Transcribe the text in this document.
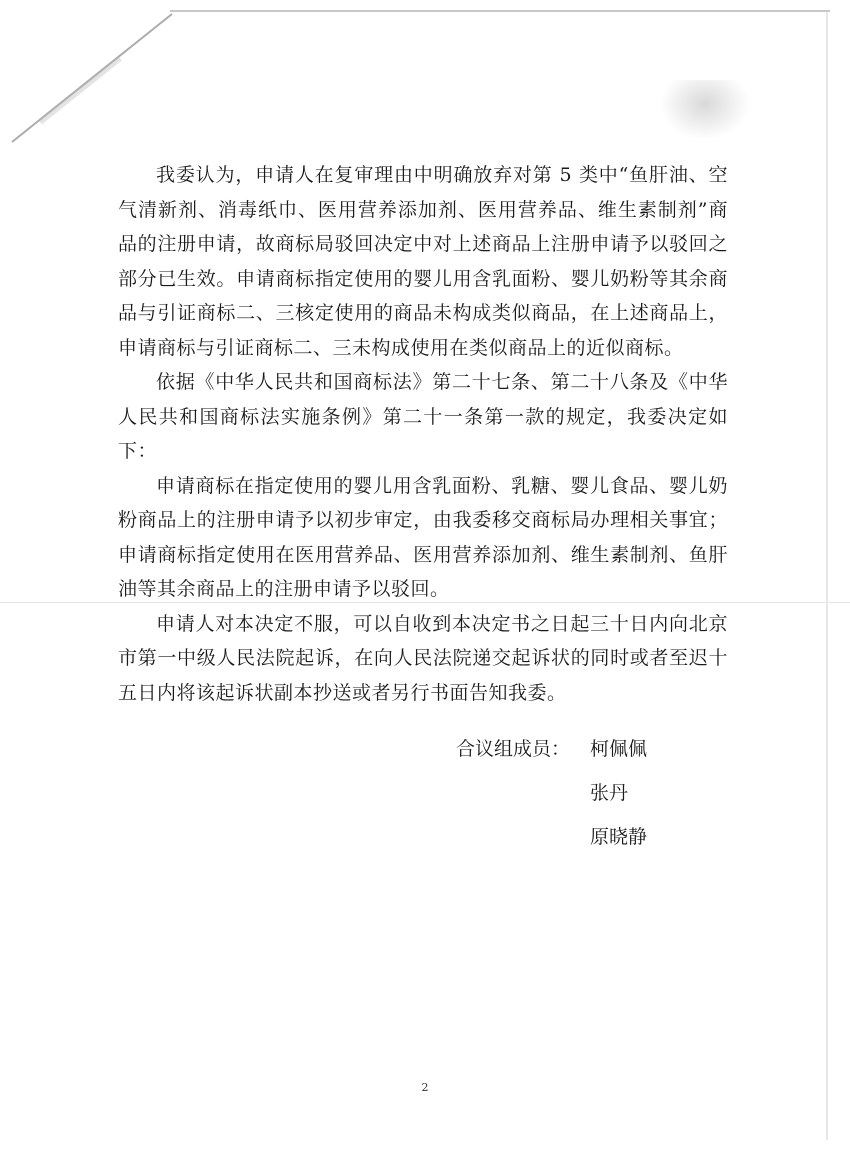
我委认为，申请人在复审理由中明确放弃对第 5 类中“鱼肝油、空气清新剂、消毒纸巾、医用营养添加剂、医用营养品、维生素制剂”商品的注册申请，故商标局驳回决定中对上述商品上注册申请予以驳回之部分已生效。申请商标指定使用的婴儿用含乳面粉、婴儿奶粉等其余商品与引证商标二、三核定使用的商品未构成类似商品，在上述商品上，申请商标与引证商标二、三未构成使用在类似商品上的近似商标。

依据《中华人民共和国商标法》第二十七条、第二十八条及《中华人民共和国商标法实施条例》第二十一条第一款的规定，我委决定如下：

申请商标在指定使用的婴儿用含乳面粉、乳糖、婴儿食品、婴儿奶粉商品上的注册申请予以初步审定，由我委移交商标局办理相关事宜；申请商标指定使用在医用营养品、医用营养添加剂、维生素制剂、鱼肝油等其余商品上的注册申请予以驳回。

申请人对本决定不服，可以自收到本决定书之日起三十日内向北京市第一中级人民法院起诉，在向人民法院递交起诉状的同时或者至迟十五日内将该起诉状副本抄送或者另行书面告知我委。

合议组成员：	柯佩佩
张丹
原晓静
2
